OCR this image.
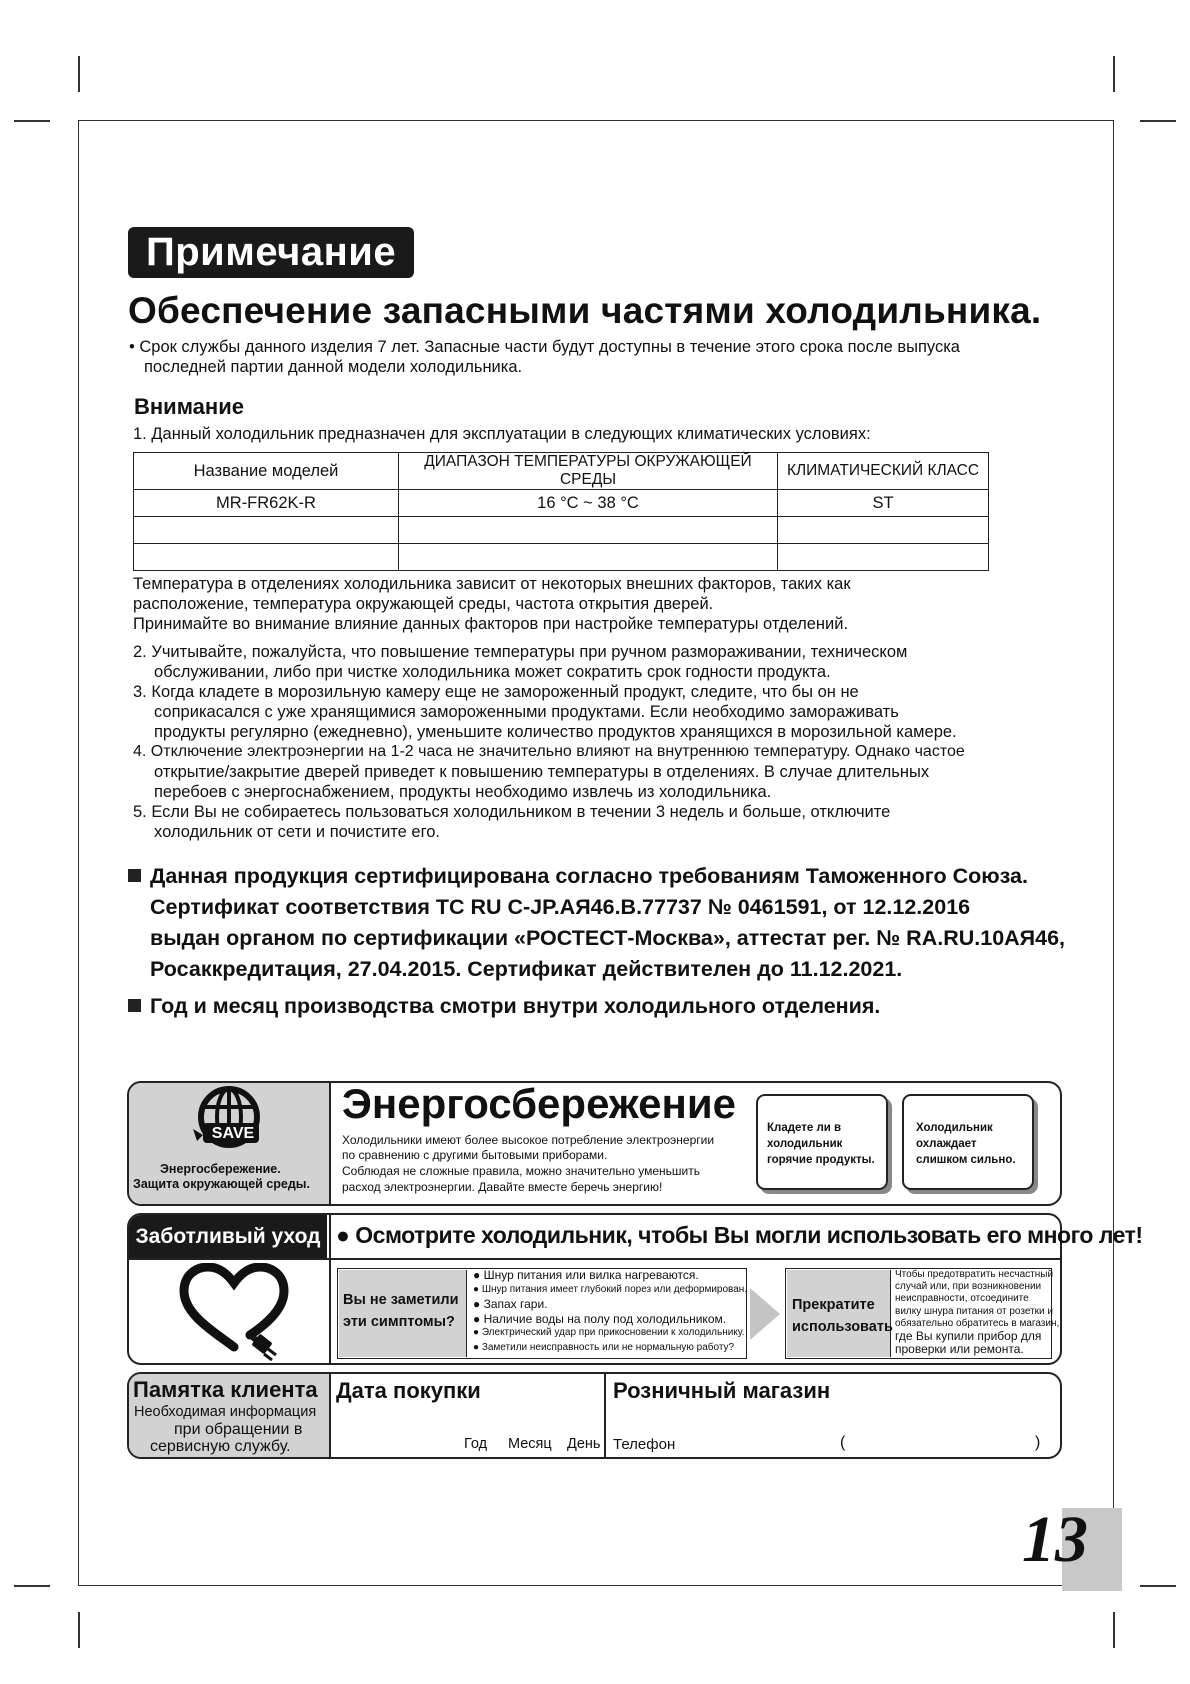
Примечание
Обеспечение запасными частями холодильника.
• Срок службы данного изделия 7 лет. Запасные части будут доступны в течение этого срока после выпуска
последней партии данной модели холодильника.
Внимание
1. Данный холодильник предназначен для эксплуатации в следующих климатических условиях:
Название моделей	ДИАПАЗОН ТЕМПЕРАТУРЫ ОКРУЖАЮЩЕЙ СРЕДЫ	КЛИМАТИЧЕСКИЙ КЛАСС
MR-FR62K-R	16 °C ~ 38 °C	ST

Температура в отделениях холодильника зависит от некоторых внешних факторов, таких как
расположение, температура окружающей среды, частота открытия дверей.
Принимайте во внимание влияние данных факторов при настройке температуры отделений.
2. Учитывайте, пожалуйста, что повышение температуры при ручном размораживании, техническом
обслуживании, либо при чистке холодильника может сократить срок годности продукта.
3. Когда кладете в морозильную камеру еще не замороженный продукт, следите, что бы он не
соприкасался с уже хранящимися замороженными продуктами. Если необходимо замораживать
продукты регулярно (ежедневно), уменьшите количество продуктов хранящихся в морозильной камере.
4. Отключение электроэнергии на 1-2 часа не значительно влияют на внутреннюю температуру. Однако частое
открытие/закрытие дверей приведет к повышению температуры в отделениях. В случае длительных
перебоев с энергоснабжением, продукты необходимо извлечь из холодильника.
5. Если Вы не собираетесь пользоваться холодильником в течении 3 недель и больше, отключите
холодильник от сети и почистите его.
Данная продукция сертифицирована согласно требованиям Таможенного Союза.
Сертификат соответствия ТС RU C-JP.АЯ46.В.77737 № 0461591, от 12.12.2016
выдан органом по сертификации «РОСТЕСТ-Москва», аттестат рег. № RA.RU.10АЯ46,
Росаккредитация, 27.04.2015. Сертификат действителен до 11.12.2021.
Год и месяц производства смотри внутри холодильного отделения.
SAVE
Энергосбережение.
Защита окружающей среды.
Энергосбережение
Холодильники имеют более высокое потребление электроэнергии
по сравнению с другими бытовыми приборами.
Соблюдая не сложные правила, можно значительно уменьшить
расход электроэнергии. Давайте вместе беречь энергию!
Кладете ли в
холодильник
горячие продукты.
Холодильник
охлаждает
слишком сильно.
Заботливый уход ● Осмотрите холодильник, чтобы Вы могли использовать его много лет!
Вы не заметили
эти симптомы?
● Шнур питания или вилка нагреваются.
● Шнур питания имеет глубокий порез или деформирован.
● Запах гари.
● Наличие воды на полу под холодильником.
● Электрический удар при прикосновении к холодильнику.
● Заметили неисправность или не нормальную работу?
Прекратите
использовать
Чтобы предотвратить несчастный
случай или, при возникновении
неисправности, отсоедините
вилку шнура питания от розетки и
обязательно обратитесь в магазин,
где Вы купили прибор для
проверки или ремонта.
Памятка клиента
Необходимая информация
при обращении в
сервисную службу.
Дата покупки
Год Месяц День
Розничный магазин
Телефон	(	)
13
